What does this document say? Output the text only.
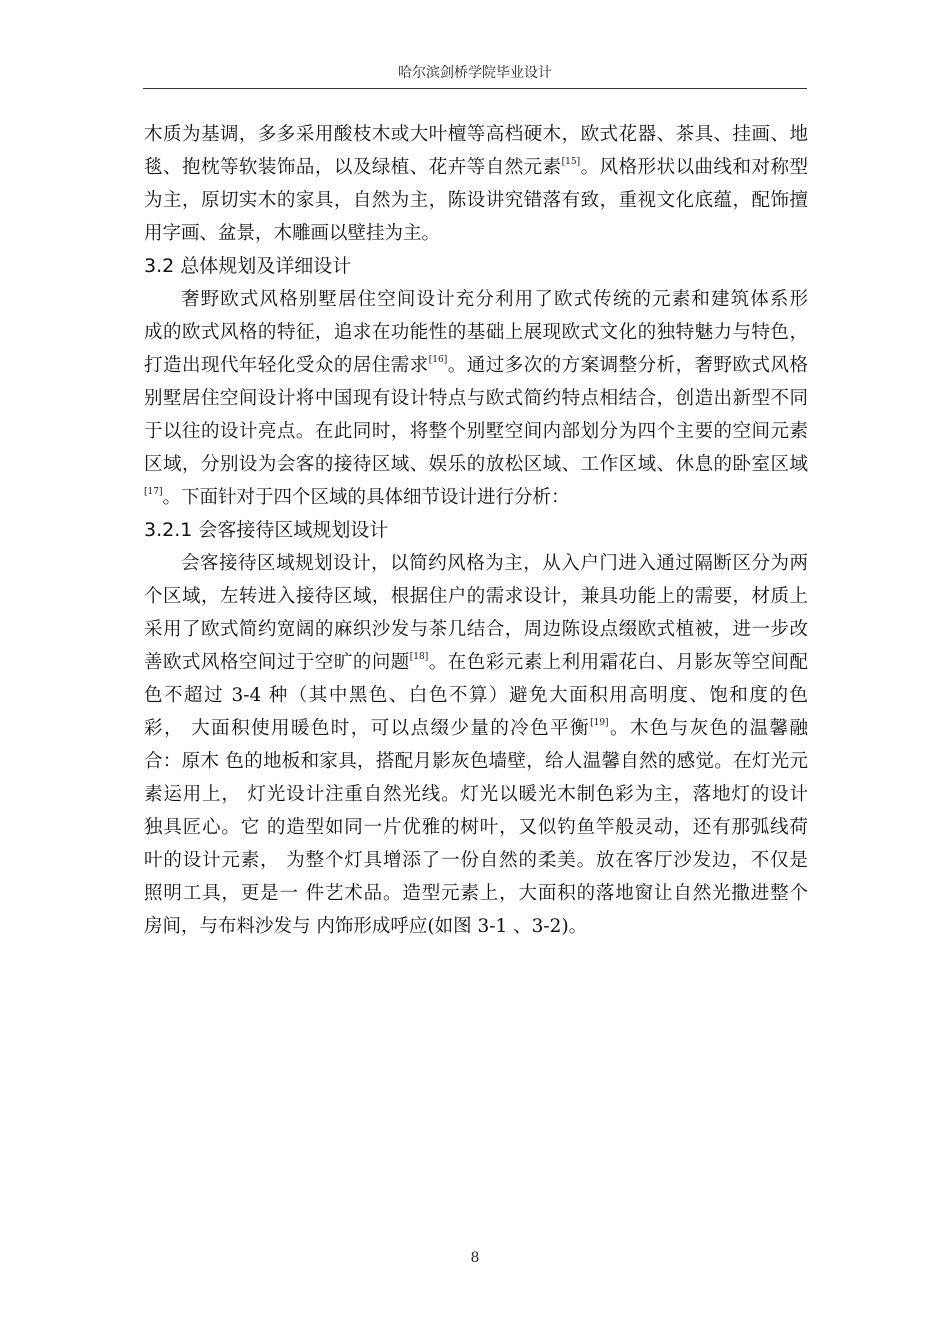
哈尔滨剑桥学院毕业设计
木质为基调，多多采用酸枝木或大叶檀等高档硬木，欧式花器、茶具、挂画、地
毯、抱枕等软装饰品，以及绿植、花卉等自然元素[15]。风格形状以曲线和对称型
为主，原切实木的家具，自然为主，陈设讲究错落有致，重视文化底蕴，配饰擅
用字画、盆景，木雕画以壁挂为主。
3.2 总体规划及详细设计
奢野欧式风格别墅居住空间设计充分利用了欧式传统的元素和建筑体系形
成的欧式风格的特征，追求在功能性的基础上展现欧式文化的独特魅力与特色，
打造出现代年轻化受众的居住需求[16]。通过多次的方案调整分析，奢野欧式风格
别墅居住空间设计将中国现有设计特点与欧式简约特点相结合，创造出新型不同
于以往的设计亮点。在此同时，将整个别墅空间内部划分为四个主要的空间元素
区域，分别设为会客的接待区域、娱乐的放松区域、工作区域、休息的卧室区域
[17]。下面针对于四个区域的具体细节设计进行分析：
3.2.1 会客接待区域规划设计
会客接待区域规划设计，以简约风格为主，从入户门进入通过隔断区分为两
个区域，左转进入接待区域，根据住户的需求设计，兼具功能上的需要，材质上
采用了欧式简约宽阔的麻织沙发与茶几结合，周边陈设点缀欧式植被，进一步改
善欧式风格空间过于空旷的问题[18]。在色彩元素上利用霜花白、月影灰等空间配
色不超过 3-4 种（其中黑色、白色不算）避免大面积用高明度、饱和度的色
彩， 大面积使用暖色时，可以点缀少量的冷色平衡[19]。木色与灰色的温馨融
合：原木 色的地板和家具，搭配月影灰色墙壁，给人温馨自然的感觉。在灯光元
素运用上， 灯光设计注重自然光线。灯光以暖光木制色彩为主，落地灯的设计
独具匠心。它 的造型如同一片优雅的树叶，又似钓鱼竿般灵动，还有那弧线荷
叶的设计元素， 为整个灯具增添了一份自然的柔美。放在客厅沙发边，不仅是
照明工具，更是一 件艺术品。造型元素上，大面积的落地窗让自然光撒进整个
房间，与布料沙发与 内饰形成呼应(如图 3-1 、3-2)。
8
